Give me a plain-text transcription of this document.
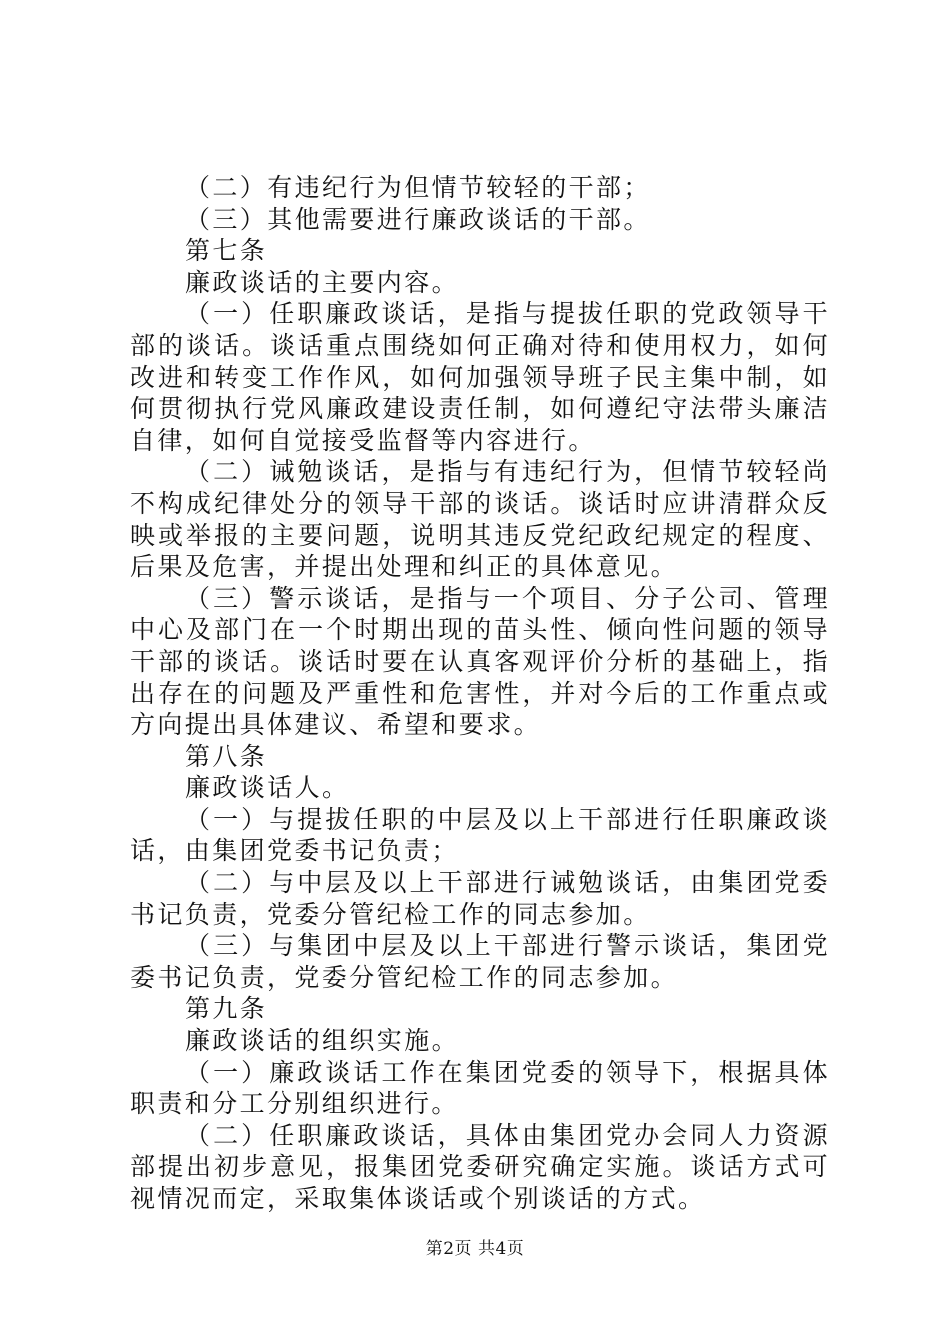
（二）有违纪行为但情节较轻的干部；

（三）其他需要进行廉政谈话的干部。

第七条

廉政谈话的主要内容。

（一）任职廉政谈话，是指与提拔任职的党政领导干部的谈话。谈话重点围绕如何正确对待和使用权力，如何改进和转变工作作风，如何加强领导班子民主集中制，如何贯彻执行党风廉政建设责任制，如何遵纪守法带头廉洁自律，如何自觉接受监督等内容进行。

（二）诫勉谈话，是指与有违纪行为，但情节较轻尚不构成纪律处分的领导干部的谈话。谈话时应讲清群众反映或举报的主要问题，说明其违反党纪政纪规定的程度、后果及危害，并提出处理和纠正的具体意见。

（三）警示谈话，是指与一个项目、分子公司、管理中心及部门在一个时期出现的苗头性、倾向性问题的领导干部的谈话。谈话时要在认真客观评价分析的基础上，指出存在的问题及严重性和危害性，并对今后的工作重点或方向提出具体建议、希望和要求。

第八条

廉政谈话人。

（一）与提拔任职的中层及以上干部进行任职廉政谈话，由集团党委书记负责；

（二）与中层及以上干部进行诫勉谈话，由集团党委书记负责，党委分管纪检工作的同志参加。

（三）与集团中层及以上干部进行警示谈话，集团党委书记负责，党委分管纪检工作的同志参加。

第九条

廉政谈话的组织实施。

（一）廉政谈话工作在集团党委的领导下，根据具体职责和分工分别组织进行。

（二）任职廉政谈话，具体由集团党办会同人力资源部提出初步意见，报集团党委研究确定实施。谈话方式可视情况而定，采取集体谈话或个别谈话的方式。

第2页 共4页
